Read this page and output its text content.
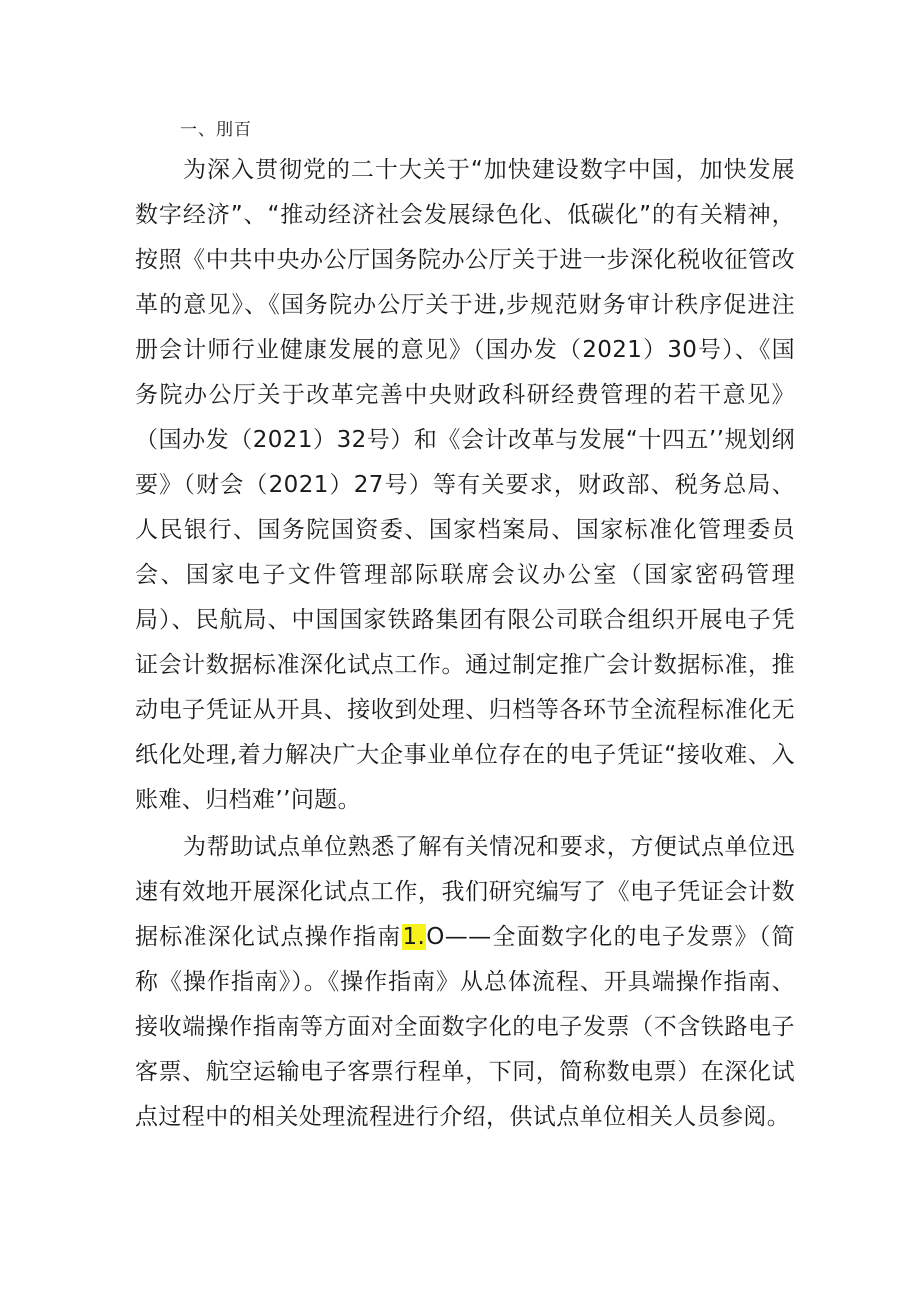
一、刖百

为深入贯彻党的二十大关于“加快建设数字中国，加快发展数字经济”、“推动经济社会发展绿色化、低碳化”的有关精神，按照《中共中央办公厅国务院办公厅关于进一步深化税收征管改革的意见》、《国务院办公厅关于进,步规范财务审计秩序促进注册会计师行业健康发展的意见》（国办发（2021）30号）、《国务院办公厅关于改革完善中央财政科研经费管理的若干意见》（国办发（2021）32号）和《会计改革与发展“十四五’’规划纲要》（财会（2021）27号）等有关要求，财政部、税务总局、人民银行、国务院国资委、国家档案局、国家标准化管理委员会、国家电子文件管理部际联席会议办公室（国家密码管理局）、民航局、中国国家铁路集团有限公司联合组织开展电子凭证会计数据标准深化试点工作。通过制定推广会计数据标准，推动电子凭证从开具、接收到处理、归档等各环节全流程标准化无纸化处理,着力解决广大企事业单位存在的电子凭证“接收难、入账难、归档难’’问题。

为帮助试点单位熟悉了解有关情况和要求，方便试点单位迅速有效地开展深化试点工作，我们研究编写了《电子凭证会计数据标准深化试点操作指南1.O——全面数字化的电子发票》（简称《操作指南》）。《操作指南》从总体流程、开具端操作指南、接收端操作指南等方面对全面数字化的电子发票（不含铁路电子客票、航空运输电子客票行程单，下同，简称数电票）在深化试点过程中的相关处理流程进行介绍，供试点单位相关人员参阅。
